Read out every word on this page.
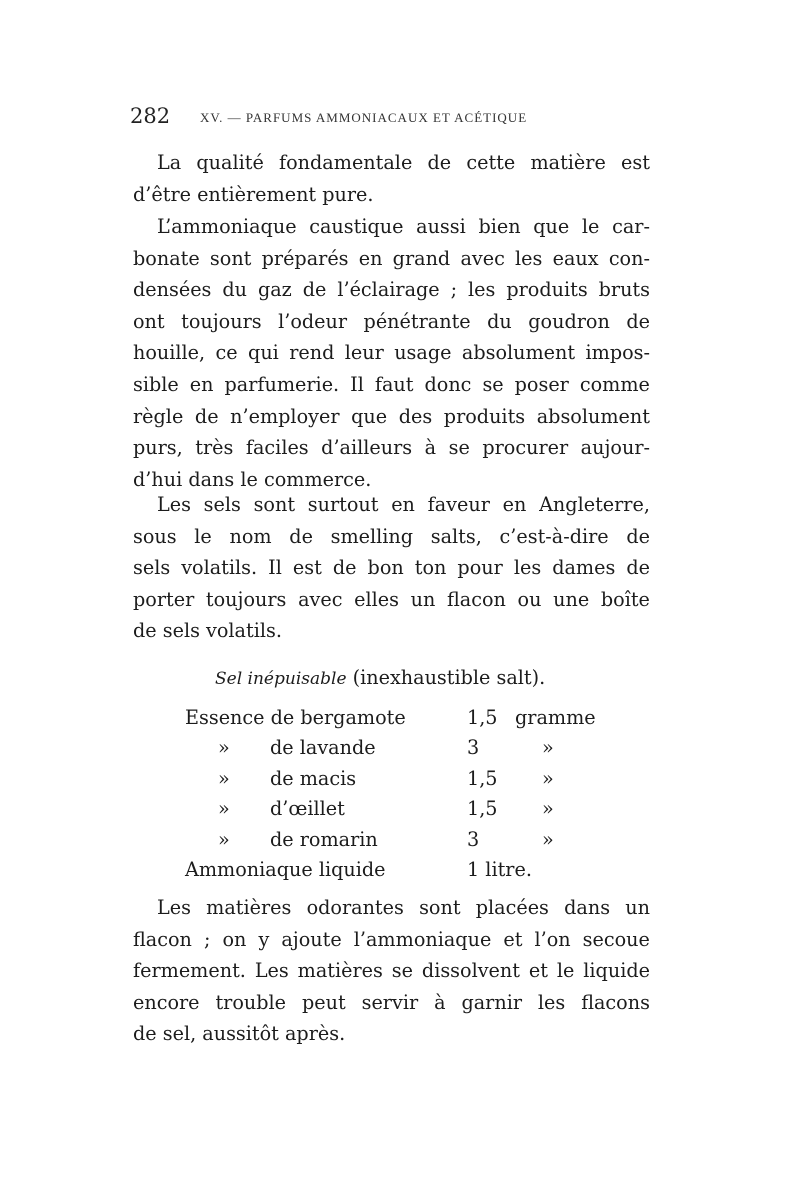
282 XV. — PARFUMS AMMONIACAUX ET ACÉTIQUE
La qualité fondamentale de cette matière est
d’être entièrement pure.
L’ammoniaque caustique aussi bien que le car-
bonate sont préparés en grand avec les eaux con-
densées du gaz de l’éclairage ; les produits bruts
ont toujours l’odeur pénétrante du goudron de
houille, ce qui rend leur usage absolument impos-
sible en parfumerie. Il faut donc se poser comme
règle de n’employer que des produits absolument
purs, très faciles d’ailleurs à se procurer aujour-
d’hui dans le commerce.
Les sels sont surtout en faveur en Angleterre,
sous le nom de smelling salts, c’est-à-dire de
sels volatils. Il est de bon ton pour les dames de
porter toujours avec elles un flacon ou une boîte
de sels volatils.
Sel inépuisable (inexhaustible salt).
Essence de bergamote	1,5 gramme
» de lavande	3	»
» de macis	1,5 »
» d’œillet	1,5 »
» de romarin	3	»
Ammoniaque liquide	1 litre.
Les matières odorantes sont placées dans un
flacon ; on y ajoute l’ammoniaque et l’on secoue
fermement. Les matières se dissolvent et le liquide
encore trouble peut servir à garnir les flacons
de sel, aussitôt après.
